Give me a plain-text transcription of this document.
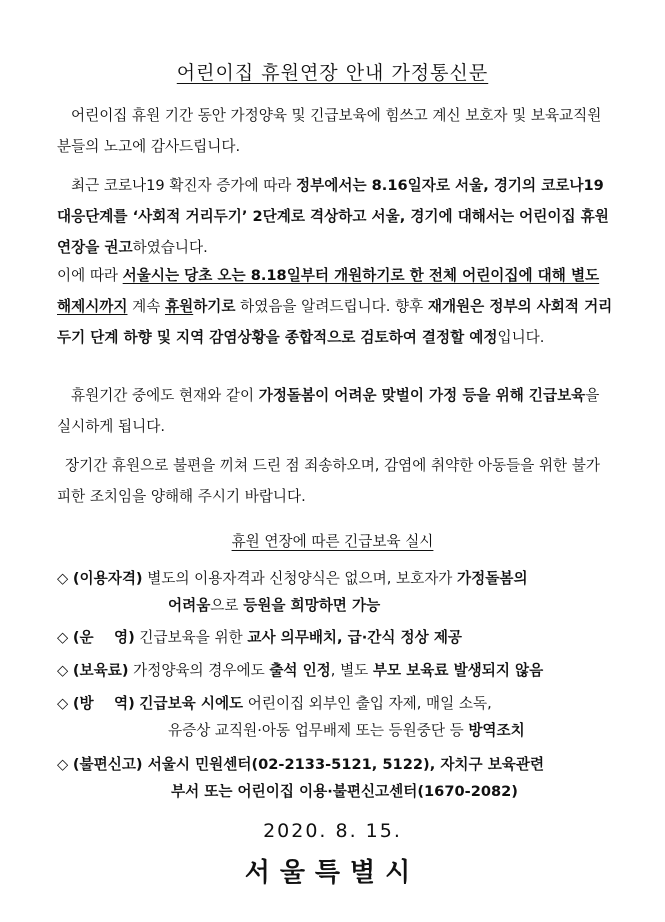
어린이집 휴원연장 안내 가정통신문

어린이집 휴원 기간 동안 가정양육 및 긴급보육에 힘쓰고 계신 보호자 및 보육교직원 분들의 노고에 감사드립니다.

최근 코로나19 확진자 증가에 따라 정부에서는 8.16일자로 서울, 경기의 코로나19 대응단계를 ‘사회적 거리두기’ 2단계로 격상하고 서울, 경기에 대해서는 어린이집 휴원 연장을 권고하였습니다.

이에 따라 서울시는 당초 오는 8.18일부터 개원하기로 한 전체 어린이집에 대해 별도 해제시까지 계속 휴원하기로 하였음을 알려드립니다. 향후 재개원은 정부의 사회적 거리두기 단계 하향 및 지역 감염상황을 종합적으로 검토하여 결정할 예정입니다.

휴원기간 중에도 현재와 같이 가정돌봄이 어려운 맞벌이 가정 등을 위해 긴급보육을 실시하게 됩니다.

장기간 휴원으로 불편을 끼쳐 드린 점 죄송하오며, 감염에 취약한 아동들을 위한 불가피한 조치임을 양해해 주시기 바랍니다.

휴원 연장에 따른 긴급보육 실시
◇ (이용자격) 별도의 이용자격과 신청양식은 없으며, 보호자가 가정돌봄의
어려움으로 등원을 희망하면 가능
◇ (운    영) 긴급보육을 위한 교사 의무배치, 급·간식 정상 제공
◇ (보육료) 가정양육의 경우에도 출석 인정, 별도 부모 보육료 발생되지 않음
◇ (방    역) 긴급보육 시에도 어린이집 외부인 출입 자제, 매일 소독,
유증상 교직원·아동 업무배제 또는 등원중단 등 방역조치
◇ (불편신고) 서울시 민원센터(02-2133-5121, 5122), 자치구 보육관련
부서 또는 어린이집 이용·불편신고센터(1670-2082)
2020. 8. 15.
서울특별시
